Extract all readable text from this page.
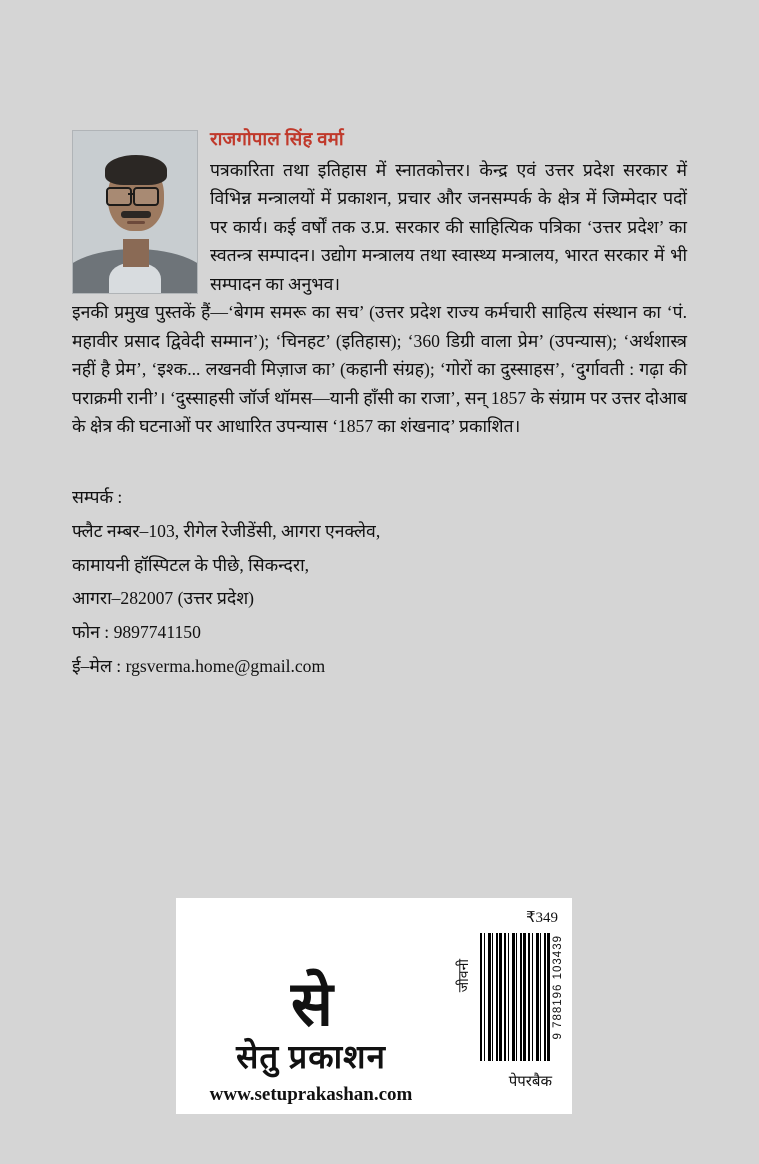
राजगोपाल सिंह वर्मा

पत्रकारिता तथा इतिहास में स्नातकोत्तर। केन्द्र एवं उत्तर प्रदेश सरकार में विभिन्न मन्त्रालयों में प्रकाशन, प्रचार और जनसम्पर्क के क्षेत्र में जिम्मेदार पदों पर कार्य। कई वर्षों तक उ.प्र. सरकार की साहित्यिक पत्रिका ‘उत्तर प्रदेश’ का स्वतन्त्र सम्पादन। उद्योग मन्त्रालय तथा स्वास्थ्य मन्त्रालय, भारत सरकार में भी सम्पादन का अनुभव।

इनकी प्रमुख पुस्तकें हैं—‘बेगम समरू का सच’ (उत्तर प्रदेश राज्य कर्मचारी साहित्य संस्थान का ‘पं. महावीर प्रसाद द्विवेदी सम्मान’); ‘चिनहट’ (इतिहास); ‘360 डिग्री वाला प्रेम’ (उपन्यास); ‘अर्थशास्त्र नहीं है प्रेम’, ‘इश्क... लखनवी मिज़ाज का’ (कहानी संग्रह); ‘गोरों का दुस्साहस’, ‘दुर्गावती : गढ़ा की पराक्रमी रानी’। ‘दुस्साहसी जॉर्ज थॉमस—यानी हाँसी का राजा’, सन् 1857 के संग्राम पर उत्तर दोआब के क्षेत्र की घटनाओं पर आधारित उपन्यास ‘1857 का शंखनाद’ प्रकाशित।

सम्पर्क :

फ्लैट नम्बर–103, रीगेल रेजीडेंसी, आगरा एनक्लेव,

कामायनी हॉस्पिटल के पीछे, सिकन्दरा,

आगरा–282007 (उत्तर प्रदेश)

फोन : 9897741150

ई–मेल : rgsverma.home@gmail.com

से
सेतु प्रकाशन
www.setuprakashan.com
₹349
जीवनी	9 788196 103439
पेपरबैक
